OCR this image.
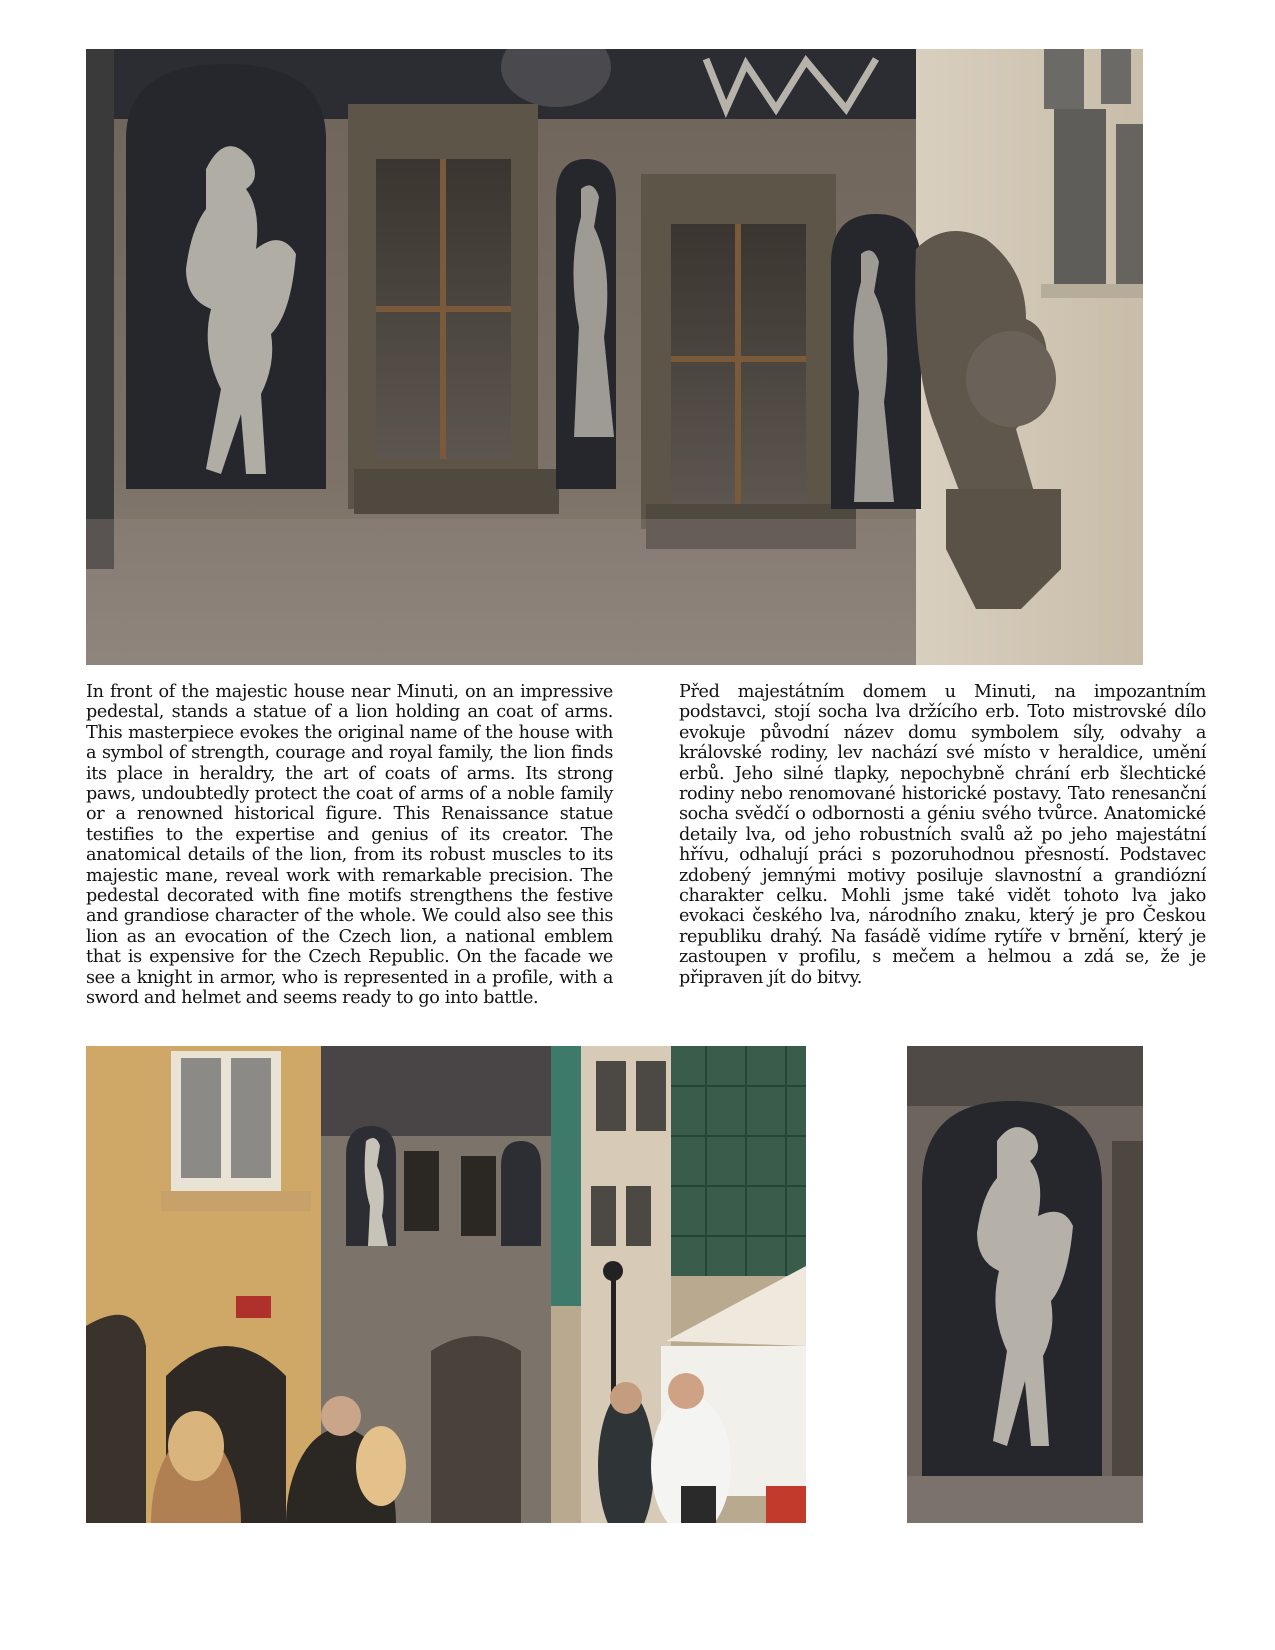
In front of the majestic house near Minuti, on an impressive pedestal, stands a statue of a lion holding an coat of arms. This masterpiece evokes the original name of the house with a symbol of strength, courage and royal family, the lion finds its place in heraldry, the art of coats of arms. Its strong paws, undoubtedly protect the coat of arms of a noble family or a renowned historical figure. This Renaissance statue testifies to the expertise and genius of its creator. The anatomical details of the lion, from its robust muscles to its majestic mane, reveal work with remarkable precision. The pedestal decorated with fine motifs strengthens the festive and grandiose character of the whole. We could also see this lion as an evocation of the Czech lion, a national emblem that is expensive for the Czech Republic. On the facade we see a knight in armor, who is represented in a profile, with a sword and helmet and seems ready to go into battle.

Před majestátním domem u Minuti, na impozantním podstavci, stojí socha lva držícího erb. Toto mistrovské dílo evokuje původní název domu symbolem síly, odvahy a královské rodiny, lev nachází své místo v heraldice, umění erbů. Jeho silné tlapky, nepochybně chrání erb šlechtické rodiny nebo renomované historické postavy. Tato renesanční socha svědčí o odbornosti a géniu svého tvůrce. Anatomické detaily lva, od jeho robustních svalů až po jeho majestátní hřívu, odhalují práci s pozoruhodnou přesností. Podstavec zdobený jemnými motivy posiluje slavnostní a grandiózní charakter celku. Mohli jsme také vidět tohoto lva jako evokaci českého lva, národního znaku, který je pro Českou republiku drahý. Na fasádě vidíme rytíře v brnění, který je zastoupen v profilu, s mečem a helmou a zdá se, že je připraven jít do bitvy.
